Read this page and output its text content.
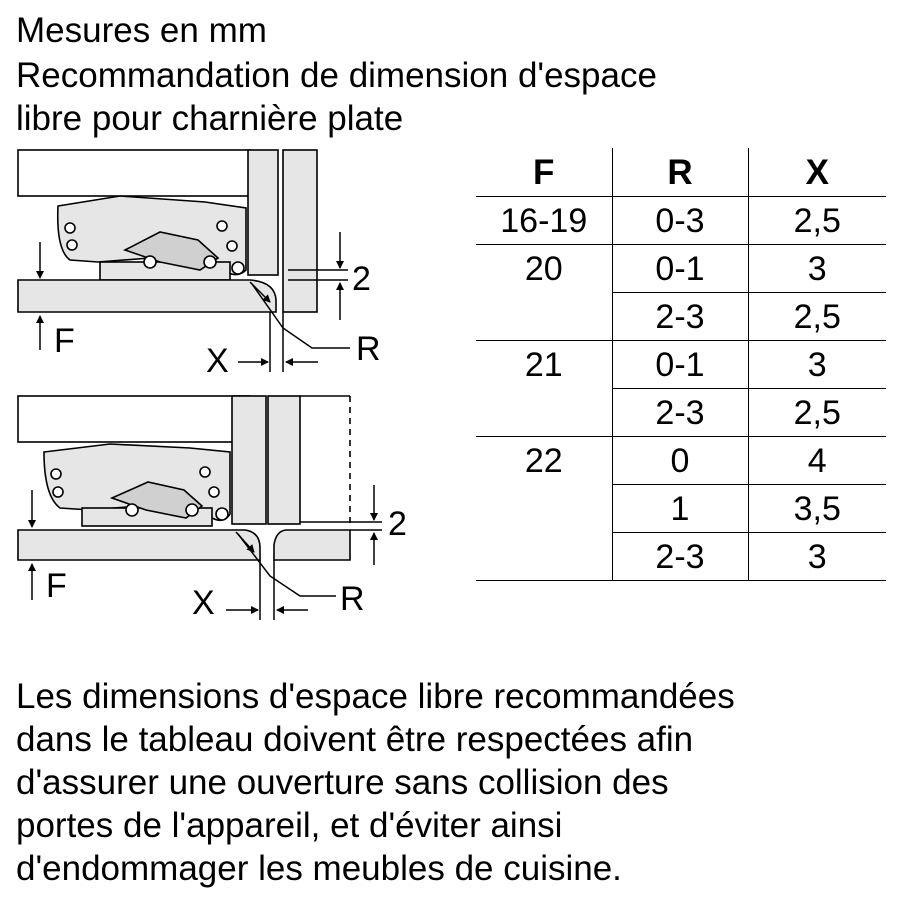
Mesures en mm
Recommandation de dimension d'espace
libre pour charnière plate
2
F
X	R
2
F	X	R
F	R	X
16-19	0-3	2,5
20	0-1	3
	2-3	2,5
21	0-1	3
	2-3	2,5
22	0	4
	1	3,5
	2-3	3
Les dimensions d'espace libre recommandées
dans le tableau doivent être respectées afin
d'assurer une ouverture sans collision des
portes de l'appareil, et d'éviter ainsi
d'endommager les meubles de cuisine.
